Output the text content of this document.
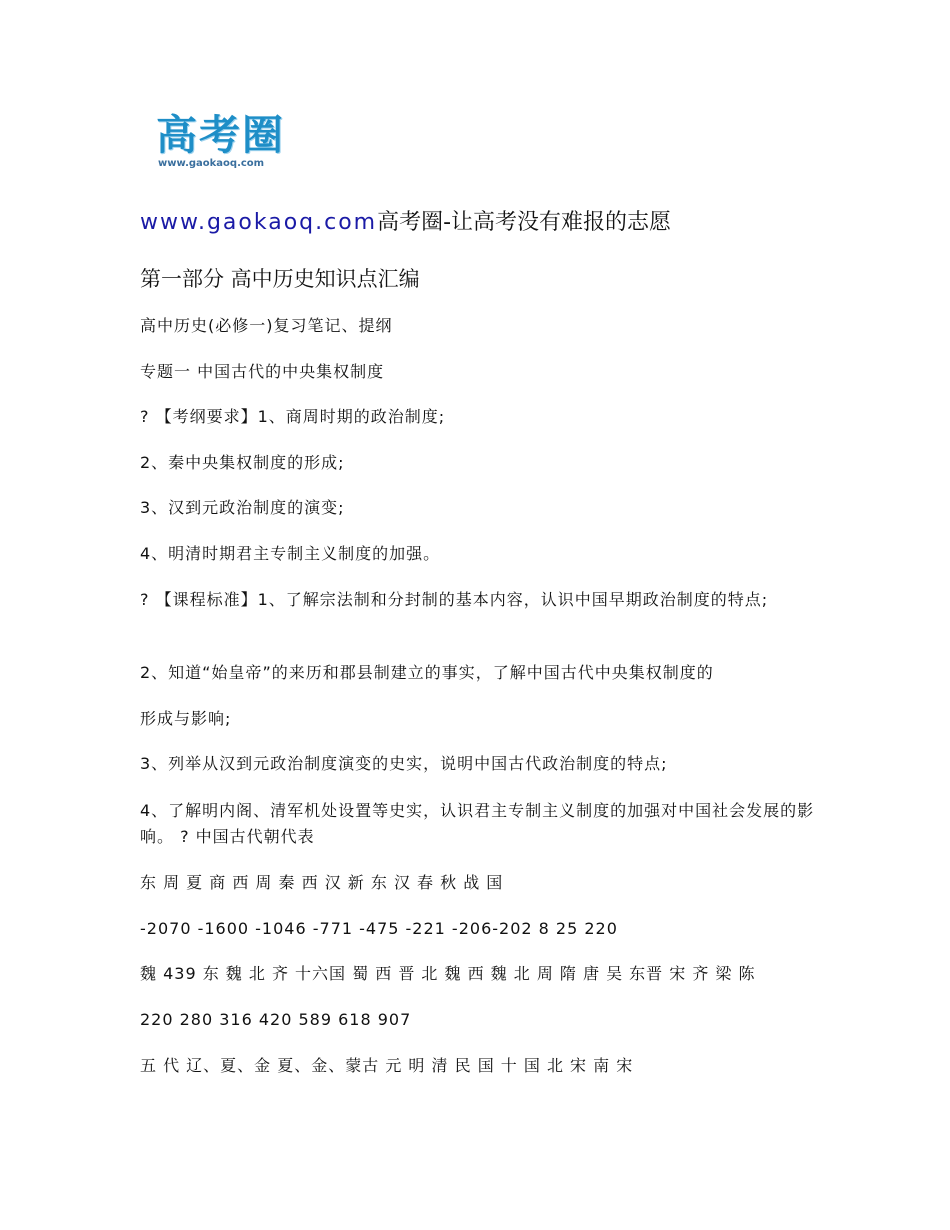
高考圈
www.gaokaoq.com
www.gaokaoq.com高考圈-让高考没有难报的志愿
第一部分 高中历史知识点汇编
高中历史(必修一)复习笔记、提纲
专题一 中国古代的中央集权制度
? 【考纲要求】1、商周时期的政治制度;
2、秦中央集权制度的形成;
3、汉到元政治制度的演变;
4、明清时期君主专制主义制度的加强。
? 【课程标准】1、了解宗法制和分封制的基本内容，认识中国早期政治制度的特点;
2、知道“始皇帝”的来历和郡县制建立的事实，了解中国古代中央集权制度的
形成与影响;
3、列举从汉到元政治制度演变的史实，说明中国古代政治制度的特点;
4、了解明内阁、清军机处设置等史实，认识君主专制主义制度的加强对中国社会发展的影响。 ? 中国古代朝代表
东 周 夏 商 西 周 秦 西 汉 新 东 汉 春 秋 战 国
-2070 -1600 -1046 -771 -475 -221 -206-202 8 25 220
魏 439 东 魏 北 齐 十六国 蜀 西 晋 北 魏 西 魏 北 周 隋 唐 吴 东晋 宋 齐 梁 陈
220 280 316 420 589 618 907
五 代 辽、夏、金 夏、金、蒙古 元 明 清 民 国 十 国 北 宋 南 宋
